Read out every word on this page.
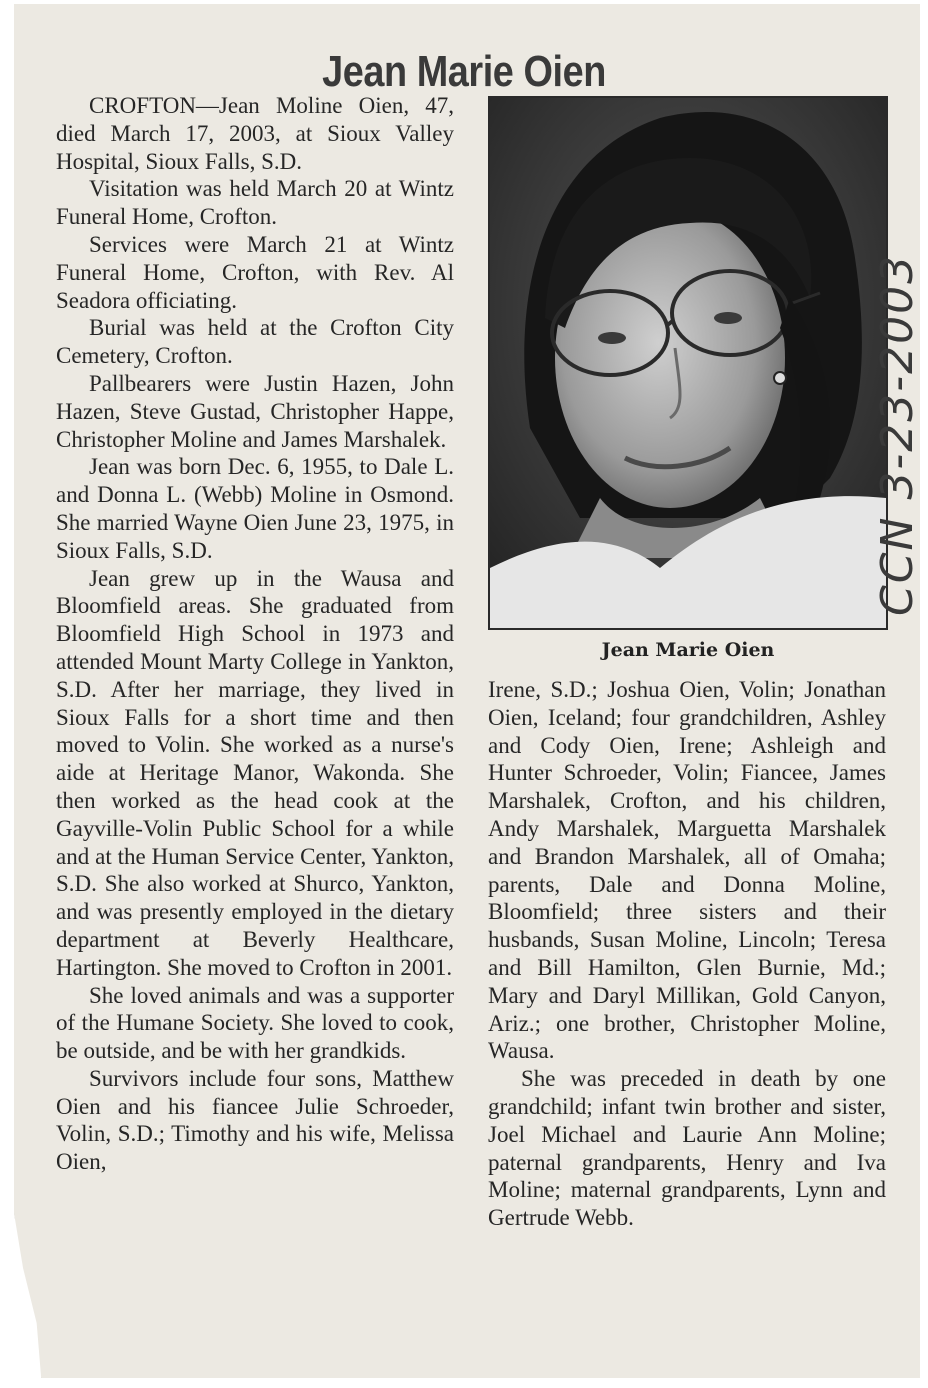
Jean Marie Oien

CROFTON—Jean Moline Oien, 47, died March 17, 2003, at Sioux Valley Hospital, Sioux Falls, S.D.

Visitation was held March 20 at Wintz Funeral Home, Crofton.

Services were March 21 at Wintz Funeral Home, Crofton, with Rev. Al Seadora officiating.

Burial was held at the Crofton City Cemetery, Crofton.

Pallbearers were Justin Hazen, John Hazen, Steve Gustad, Christopher Happe, Christopher Moline and James Marshalek.

Jean was born Dec. 6, 1955, to Dale L. and Donna L. (Webb) Moline in Osmond. She married Wayne Oien June 23, 1975, in Sioux Falls, S.D.

Jean grew up in the Wausa and Bloomfield areas. She graduated from Bloomfield High School in 1973 and attended Mount Marty College in Yankton, S.D. After her marriage, they lived in Sioux Falls for a short time and then moved to Volin. She worked as a nurse's aide at Heritage Manor, Wakonda. She then worked as the head cook at the Gayville-Volin Public School for a while and at the Human Service Center, Yankton, S.D. She also worked at Shurco, Yankton, and was presently employed in the dietary department at Beverly Healthcare, Hartington. She moved to Crofton in 2001.

She loved animals and was a supporter of the Humane Society. She loved to cook, be outside, and be with her grandkids.

Survivors include four sons, Matthew Oien and his fiancee Julie Schroeder, Volin, S.D.; Timothy and his wife, Melissa Oien,

Jean Marie Oien

Irene, S.D.; Joshua Oien, Volin; Jonathan Oien, Iceland; four grandchildren, Ashley and Cody Oien, Irene; Ashleigh and Hunter Schroeder, Volin; Fiancee, James Marshalek, Crofton, and his children, Andy Marshalek, Marguetta Marshalek and Brandon Marshalek, all of Omaha; parents, Dale and Donna Moline, Bloomfield; three sisters and their husbands, Susan Moline, Lincoln; Teresa and Bill Hamilton, Glen Burnie, Md.; Mary and Daryl Millikan, Gold Canyon, Ariz.; one brother, Christopher Moline, Wausa.

She was preceded in death by one grandchild; infant twin brother and sister, Joel Michael and Laurie Ann Moline; paternal grandparents, Henry and Iva Moline; maternal grandparents, Lynn and Gertrude Webb.

CCN 3-23-2003
